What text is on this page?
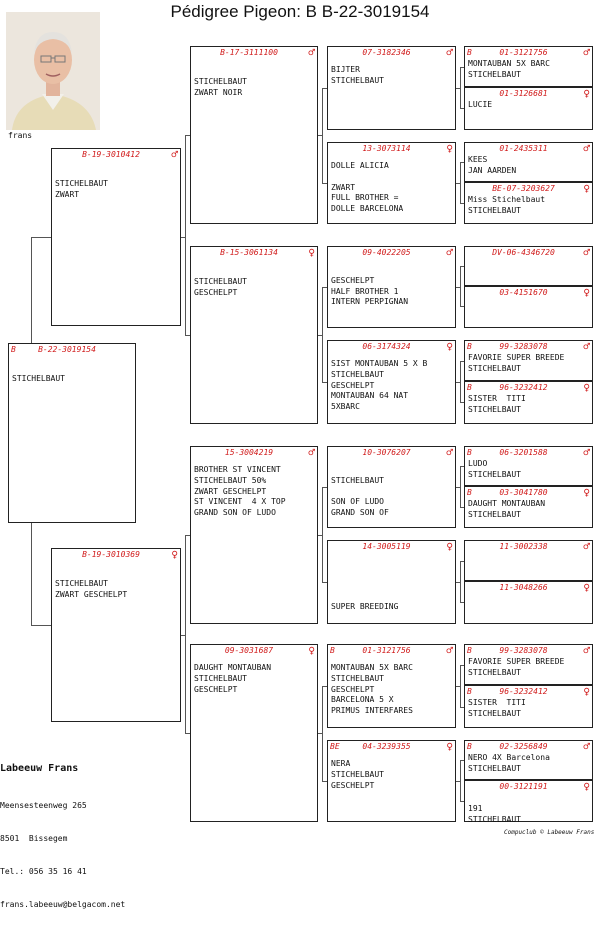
Pédigree Pigeon: B B-22-3019154
frans
B	B-22-3019154
STICHELBAUT
B-19-3010412	♂
STICHELBAUT
ZWART
B-19-3010369	♀
STICHELBAUT
ZWART GESCHELPT
B-17-3111100	♂
STICHELBAUT
ZWART NOIR
B-15-3061134	♀
STICHELBAUT
GESCHELPT
15-3004219	♂
BROTHER ST VINCENT
STICHELBAUT 50%
ZWART GESCHELPT
ST VINCENT  4 X TOP
GRAND SON OF LUDO
09-3031687	♀
DAUGHT MONTAUBAN
STICHELBAUT
GESCHELPT
07-3182346	♂
BIJTER
STICHELBAUT
13-3073114	♀
DOLLE ALICIA

ZWART
FULL BROTHER =
DOLLE BARCELONA
09-4022205	♂

GESCHELPT
HALF BROTHER 1
INTERN PERPIGNAN
06-3174324	♀
SIST MONTAUBAN 5 X B
STICHELBAUT
GESCHELPT
MONTAUBAN 64 NAT
5XBARC
10-3076207	♂

STICHELBAUT

SON OF LUDO
GRAND SON OF
14-3005119	♀

SUPER BREEDING
B	01-3121756	♂
MONTAUBAN 5X BARC
STICHELBAUT
GESCHELPT
BARCELONA 5 X
PRIMUS INTERFARES
BE	04-3239355	♀
NERA
STICHELBAUT
GESCHELPT
B	01-3121756	♂
MONTAUBAN 5X BARC
STICHELBAUT
01-3126681	♀
LUCIE
01-2435311	♂
KEES
JAN AARDEN
BE-07-3203627	♀
Miss Stichelbaut
STICHELBAUT
DV-06-4346720	♂
03-4151670	♀
B	99-3283078	♂
FAVORIE SUPER BREEDE
STICHELBAUT
B	96-3232412	♀
SISTER  TITI
STICHELBAUT
B	06-3201588	♂
LUDO
STICHELBAUT
B	03-3041780	♀
DAUGHT MONTAUBAN
STICHELBAUT
11-3002338	♂
11-3048266	♀
B	99-3283078	♂
FAVORIE SUPER BREEDE
STICHELBAUT
B	96-3232412	♀
SISTER  TITI
STICHELBAUT
B	02-3256849	♂
NERO 4X Barcelona
STICHELBAUT
00-3121191	♀

191
STICHELBAUT
Labeeuw Frans

Meensesteenweg 265

8501  Bissegem

Tel.: 056 35 16 41

frans.labeeuw@belgacom.net

Compuclub © Labeeuw Frans
